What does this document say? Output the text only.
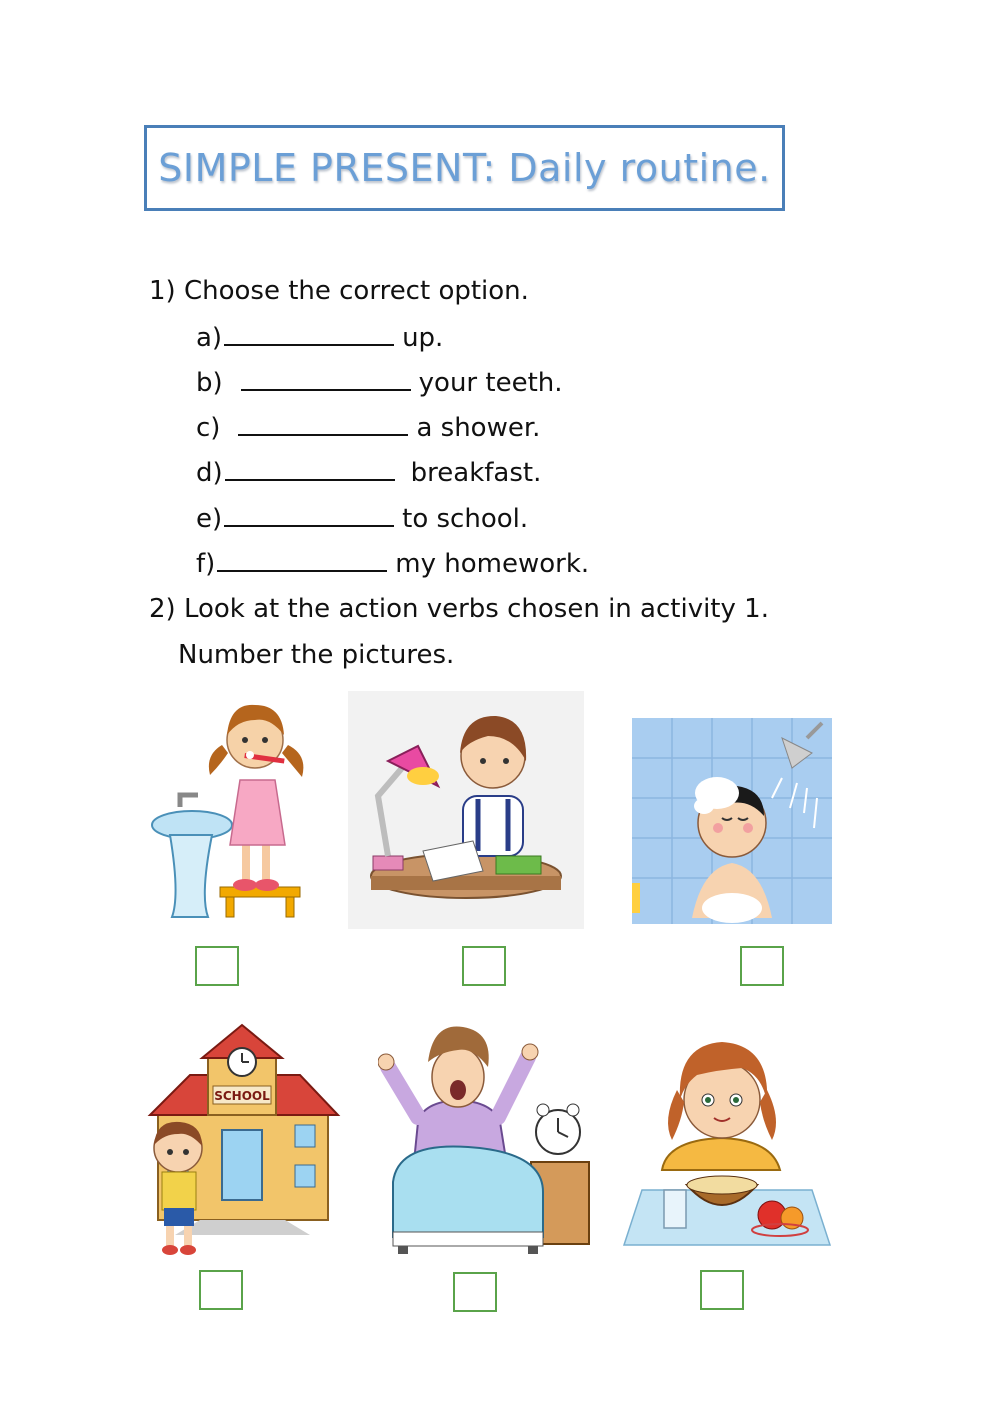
SIMPLE PRESENT: Daily routine.
1) Choose the correct option.
a)	up.
b)	your teeth.
c)	a shower.
d)	breakfast.
e)	to school.
f)	my homework.
2) Look at the action verbs chosen in activity 1.
Number the pictures.
SCHOOL
